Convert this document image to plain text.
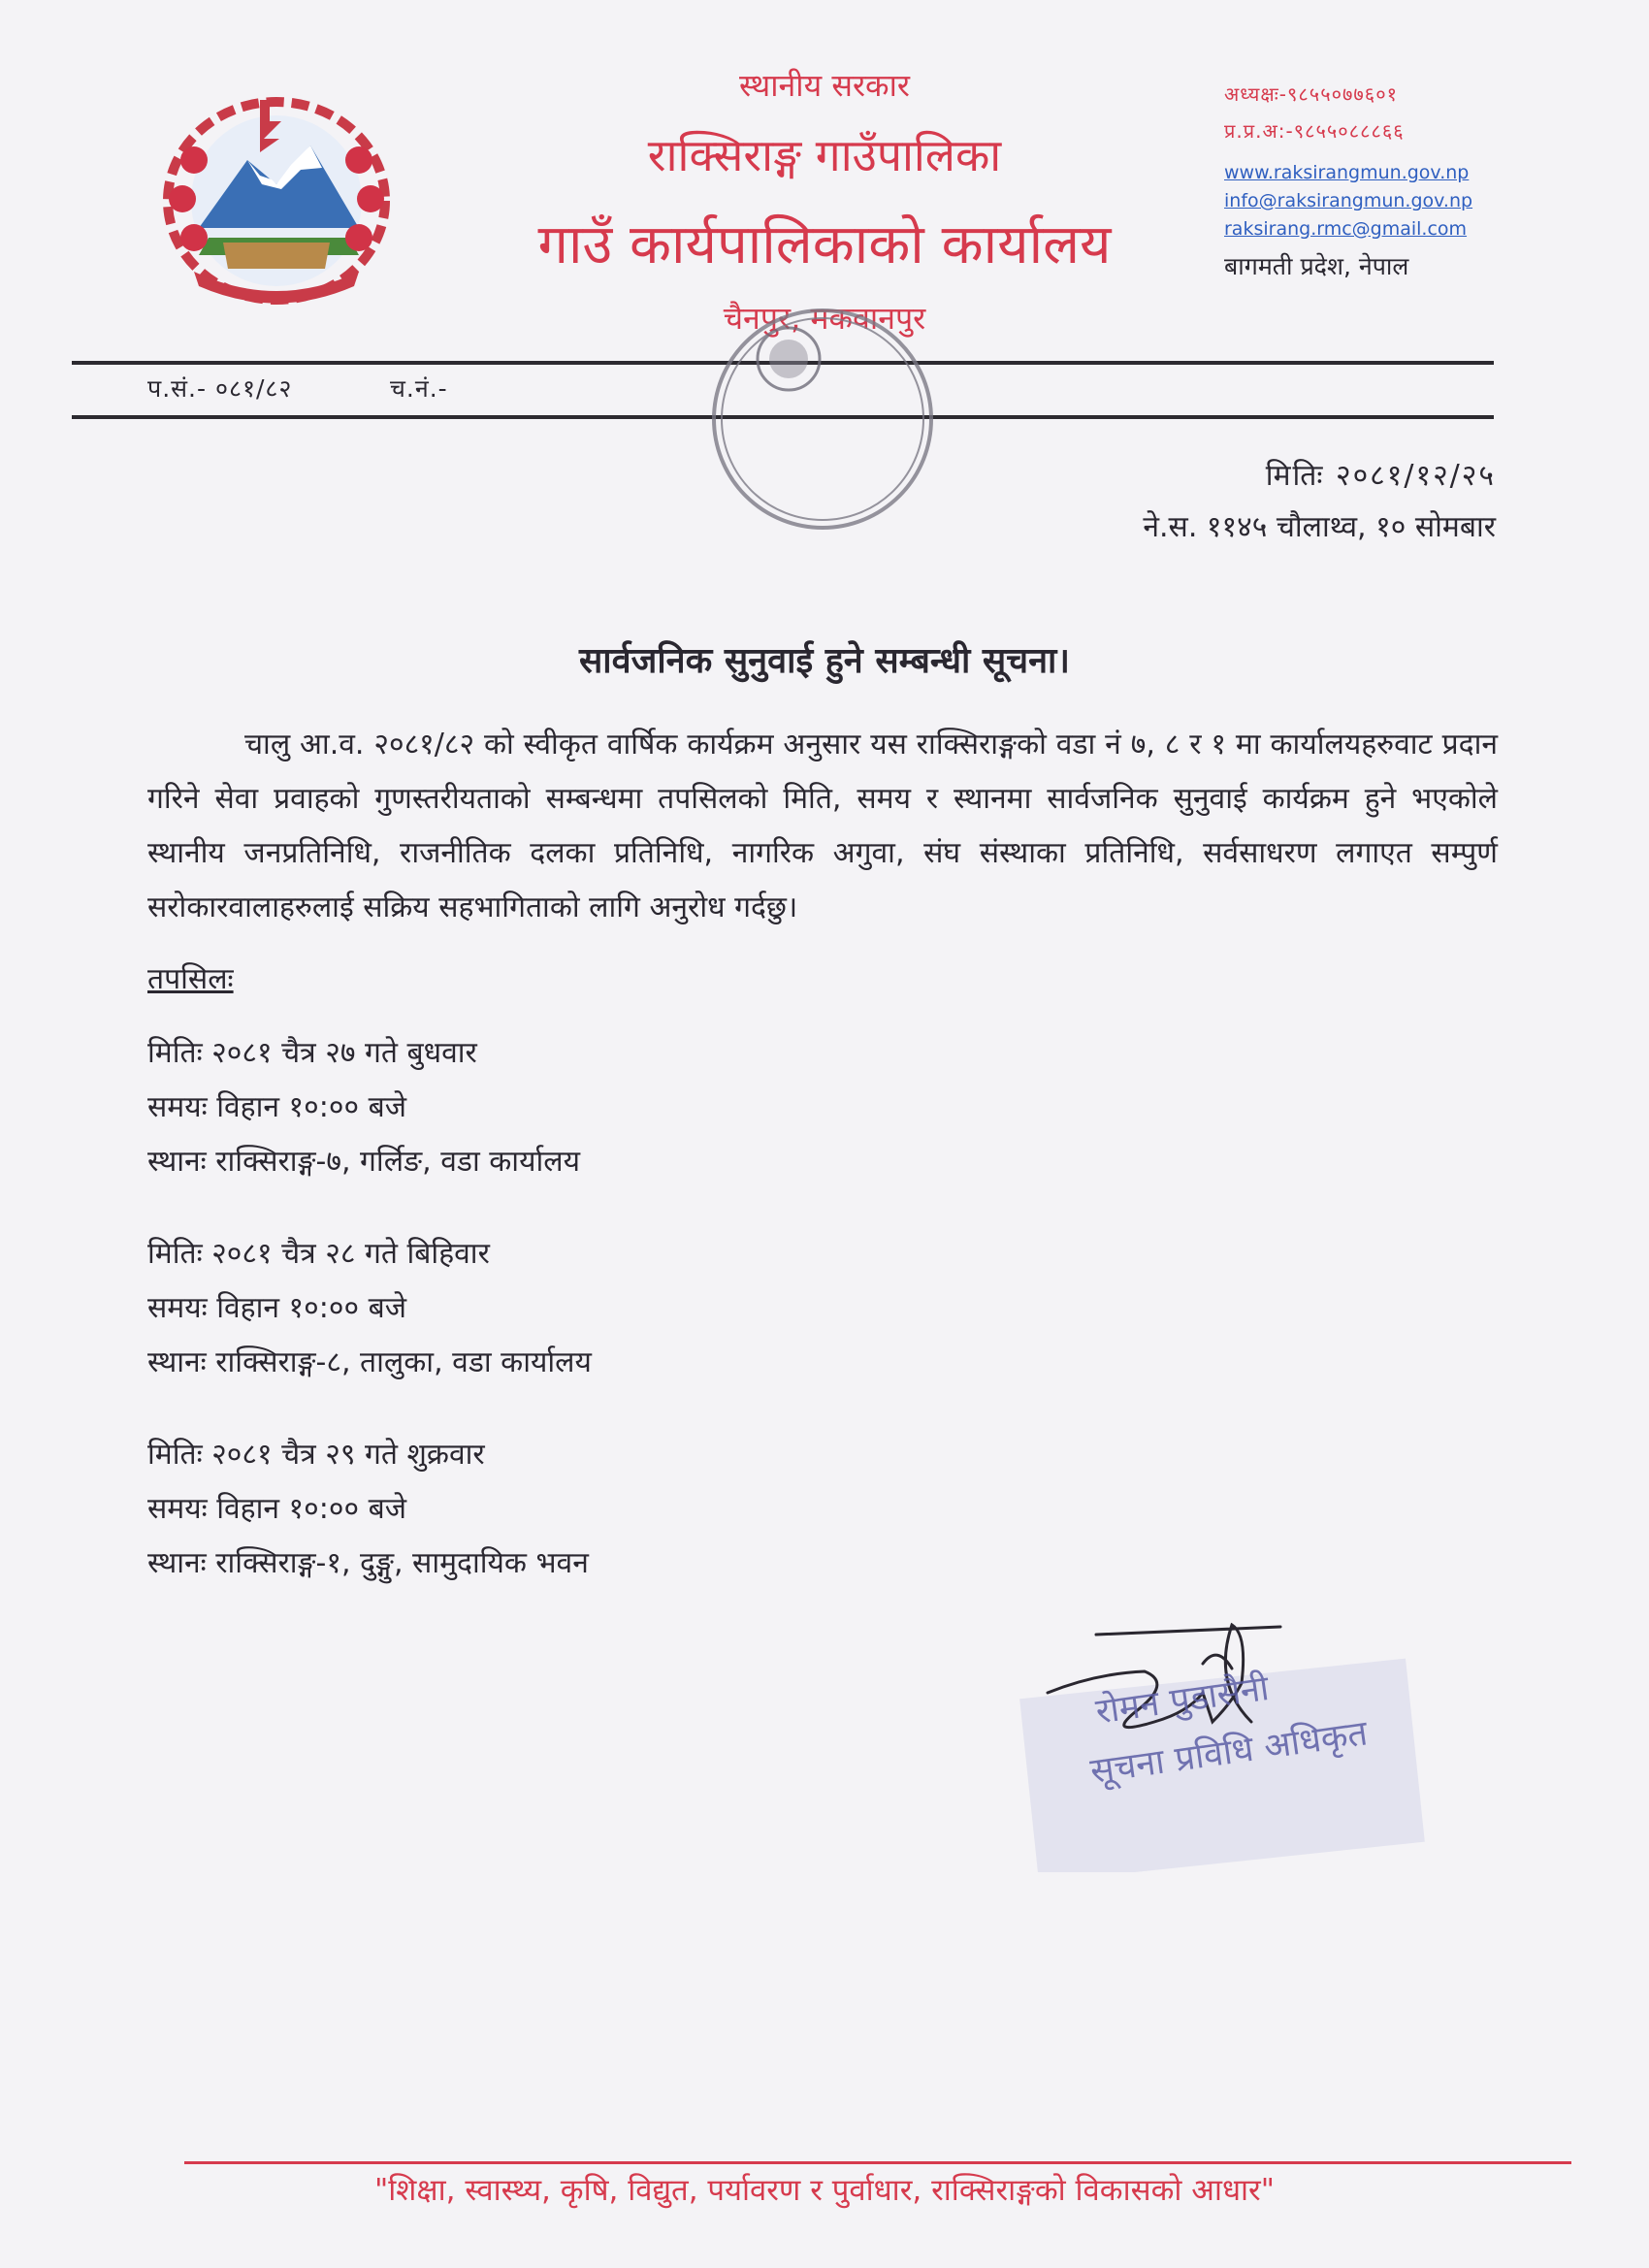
स्थानीय सरकार
राक्सिराङ्ग गाउँपालिका
गाउँ कार्यपालिकाको कार्यालय
चैनपुर, मकवानपुर
अध्यक्षः-९८५५०७७६०१
प्र.प्र.अ:-९८५५०८८८६६
www.raksirangmun.gov.np
info@raksirangmun.gov.np
raksirang.rmc@gmail.com
बागमती प्रदेश, नेपाल
प.सं.- ०८१/८२	च.नं.-
मितिः २०८१/१२/२५
ने.स. ११४५ चौलाथ्व, १० सोमबार
सार्वजनिक सुनुवाई हुने सम्बन्धी सूचना।
चालु आ.व. २०८१/८२ को स्वीकृत वार्षिक कार्यक्रम अनुसार यस राक्सिराङ्गको वडा नं ७, ८ र १ मा कार्यालयहरुवाट प्रदान गरिने सेवा प्रवाहको गुणस्तरीयताको सम्बन्धमा तपसिलको मिति, समय र स्थानमा सार्वजनिक सुनुवाई कार्यक्रम हुने भएकोले स्थानीय जनप्रतिनिधि, राजनीतिक दलका प्रतिनिधि, नागरिक अगुवा, संघ संस्थाका प्रतिनिधि, सर्वसाधरण लगाएत सम्पुर्ण सरोकारवालाहरुलाई सक्रिय सहभागिताको लागि अनुरोध गर्दछु।
तपसिलः
मितिः २०८१ चैत्र २७ गते बुधवार
समयः विहान १०:०० बजे
स्थानः राक्सिराङ्ग-७, गर्लिङ, वडा कार्यालय
मितिः २०८१ चैत्र २८ गते बिहिवार
समयः विहान १०:०० बजे
स्थानः राक्सिराङ्ग-८, तालुका, वडा कार्यालय
मितिः २०८१ चैत्र २९ गते शुक्रवार
समयः विहान १०:०० बजे
स्थानः राक्सिराङ्ग-१, दुङ्गु, सामुदायिक भवन
रोमन पुडासैनी
सूचना प्रविधि अधिकृत
"शिक्षा, स्वास्थ्य, कृषि, विद्युत, पर्यावरण र पुर्वाधार, राक्सिराङ्गको विकासको आधार"
